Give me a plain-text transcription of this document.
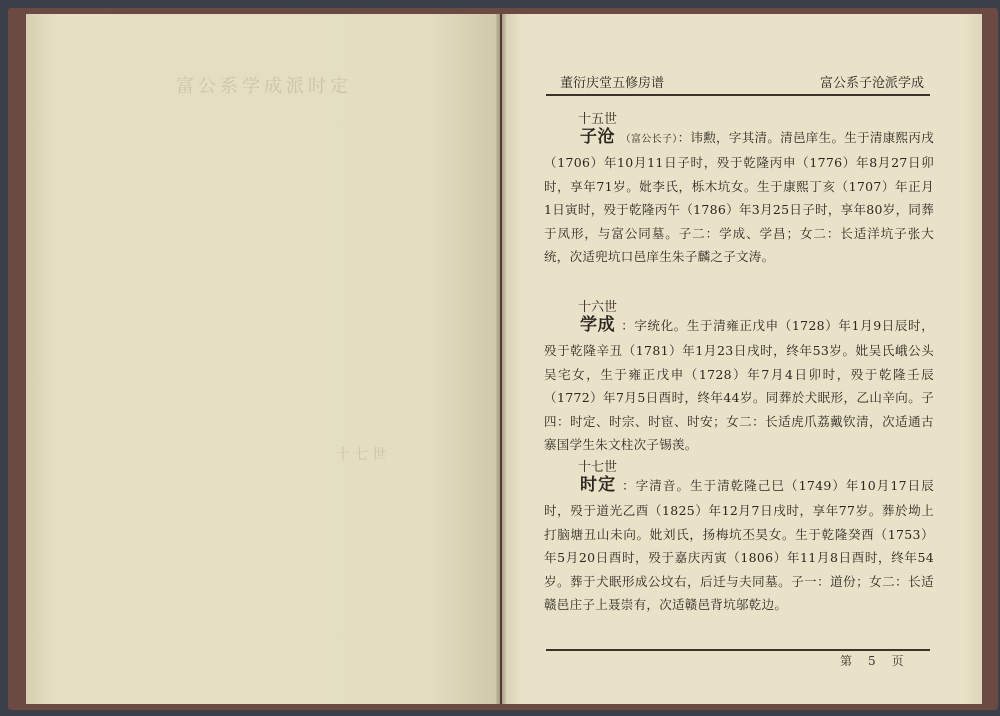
富公系学成派时定
十七世
董衍庆堂五修房谱	富公系子沧派学成
十五世
子沧 （富公长子）：讳勲，字其清。清邑庠生。生于清康熙丙戌（1706）年10月11日子时，殁于乾隆丙申（1776）年8月27日卯时，享年71岁。妣李氏，栎木坑女。生于康熙丁亥（1707）年正月1日寅时，殁于乾隆丙午（1786）年3月25日子时，享年80岁，同葬于凤形，与富公同墓。子二：学成、学昌；女二：长适洋坑子张大统，次适兜坑口邑庠生朱子麟之子文涛。
十六世
学成 ：字统化。生于清雍正戊申（1728）年1月9日辰时，殁于乾隆辛丑（1781）年1月23日戌时，终年53岁。妣吴氏峨公头吴宅女，生于雍正戊申（1728）年7月4日卯时，殁于乾隆壬辰（1772）年7月5日酉时，终年44岁。同葬於犬眠形，乙山辛向。子四：时定、时宗、时宦、时安；女二：长适虎爪荔戴钦清，次适通古寨国学生朱文柱次子锡羡。
十七世
时定 ：字清音。生于清乾隆己巳（1749）年10月17日辰时，殁于道光乙酉（1825）年12月7日戌时，享年77岁。葬於坳上打脑塘丑山未向。妣刘氏，扬梅坑丕昊女。生于乾隆癸酉（1753）年5月20日酉时，殁于嘉庆丙寅（1806）年11月8日酉时，终年54岁。葬于犬眠形成公坟右，后迁与夫同墓。子一：道份；女二：长适赣邑庄子上聂崇有，次适赣邑背坑邬乾边。
第 5 页
